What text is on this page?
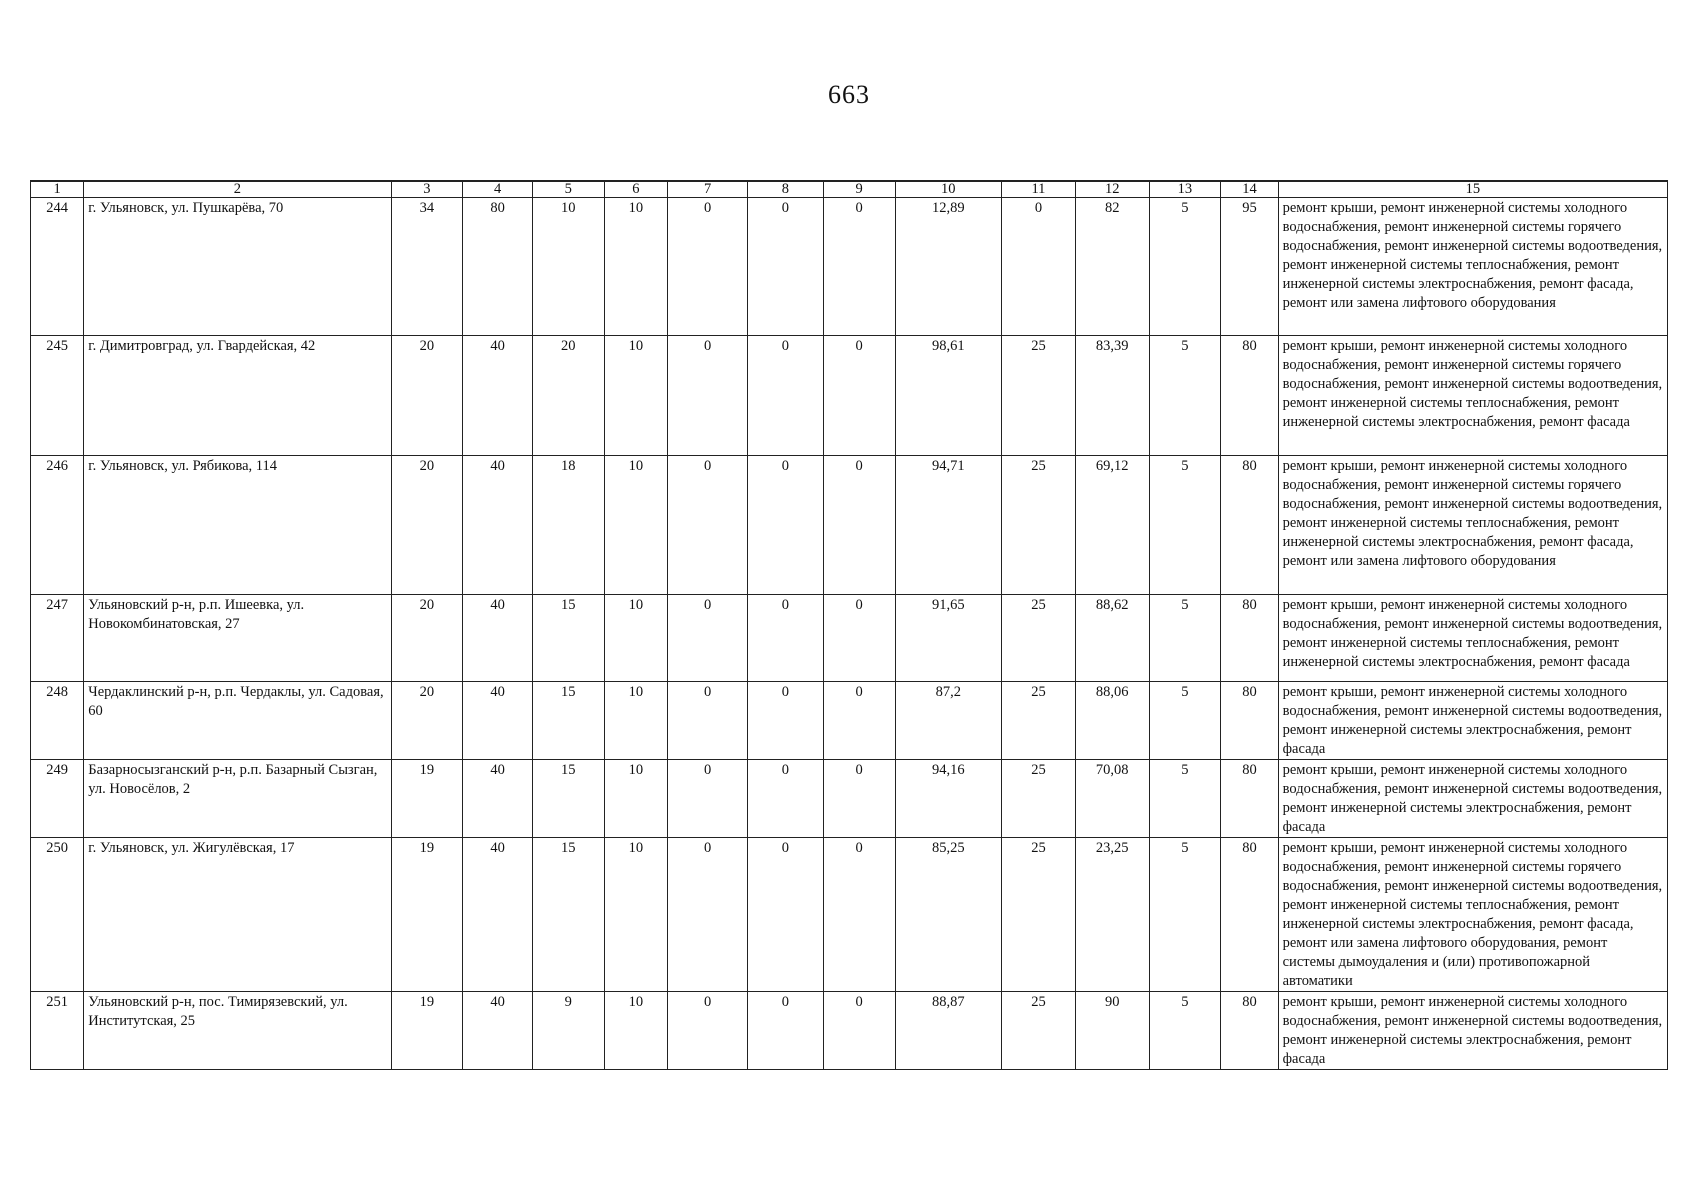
663
1	2	3	4	5	6	7	8	9	10	11	12	13	14	15
244	г. Ульяновск, ул. Пушкарёва, 70	34	80	10	10	0	0	0	12,89	0	82	5	95	ремонт крыши, ремонт инженерной системы холодного водоснабжения, ремонт инженерной системы горячего водоснабжения, ремонт инженерной системы водоотведения, ремонт инженерной системы теплоснабжения, ремонт инженерной системы электроснабжения, ремонт фасада, ремонт или замена лифтового оборудования
245	г. Димитровград, ул. Гвардейская, 42	20	40	20	10	0	0	0	98,61	25	83,39	5	80	ремонт крыши, ремонт инженерной системы холодного водоснабжения, ремонт инженерной системы горячего водоснабжения, ремонт инженерной системы водоотведения, ремонт инженерной системы теплоснабжения, ремонт инженерной системы электроснабжения, ремонт фасада
246	г. Ульяновск, ул. Рябикова, 114	20	40	18	10	0	0	0	94,71	25	69,12	5	80	ремонт крыши, ремонт инженерной системы холодного водоснабжения, ремонт инженерной системы горячего водоснабжения, ремонт инженерной системы водоотведения, ремонт инженерной системы теплоснабжения, ремонт инженерной системы электроснабжения, ремонт фасада, ремонт или замена лифтового оборудования
247	Ульяновский р-н, р.п. Ишеевка, ул. Новокомбинатовская, 27	20	40	15	10	0	0	0	91,65	25	88,62	5	80	ремонт крыши, ремонт инженерной системы холодного водоснабжения, ремонт инженерной системы водоотведения, ремонт инженерной системы теплоснабжения, ремонт инженерной системы электроснабжения, ремонт фасада
248	Чердаклинский р-н, р.п. Чердаклы, ул. Садовая, 60	20	40	15	10	0	0	0	87,2	25	88,06	5	80	ремонт крыши, ремонт инженерной системы холодного водоснабжения, ремонт инженерной системы водоотведения, ремонт инженерной системы электроснабжения, ремонт фасада
249	Базарносызганский р-н, р.п. Базарный Сызган, ул. Новосёлов, 2	19	40	15	10	0	0	0	94,16	25	70,08	5	80	ремонт крыши, ремонт инженерной системы холодного водоснабжения, ремонт инженерной системы водоотведения, ремонт инженерной системы электроснабжения, ремонт фасада
250	г. Ульяновск, ул. Жигулёвская, 17	19	40	15	10	0	0	0	85,25	25	23,25	5	80	ремонт крыши, ремонт инженерной системы холодного водоснабжения, ремонт инженерной системы горячего водоснабжения, ремонт инженерной системы водоотведения, ремонт инженерной системы теплоснабжения, ремонт инженерной системы электроснабжения, ремонт фасада, ремонт или замена лифтового оборудования, ремонт системы дымоудаления и (или) противопожарной автоматики
251	Ульяновский р-н, пос. Тимирязевский, ул. Институтская, 25	19	40	9	10	0	0	0	88,87	25	90	5	80	ремонт крыши, ремонт инженерной системы холодного водоснабжения, ремонт инженерной системы водоотведения, ремонт инженерной системы электроснабжения, ремонт фасада
